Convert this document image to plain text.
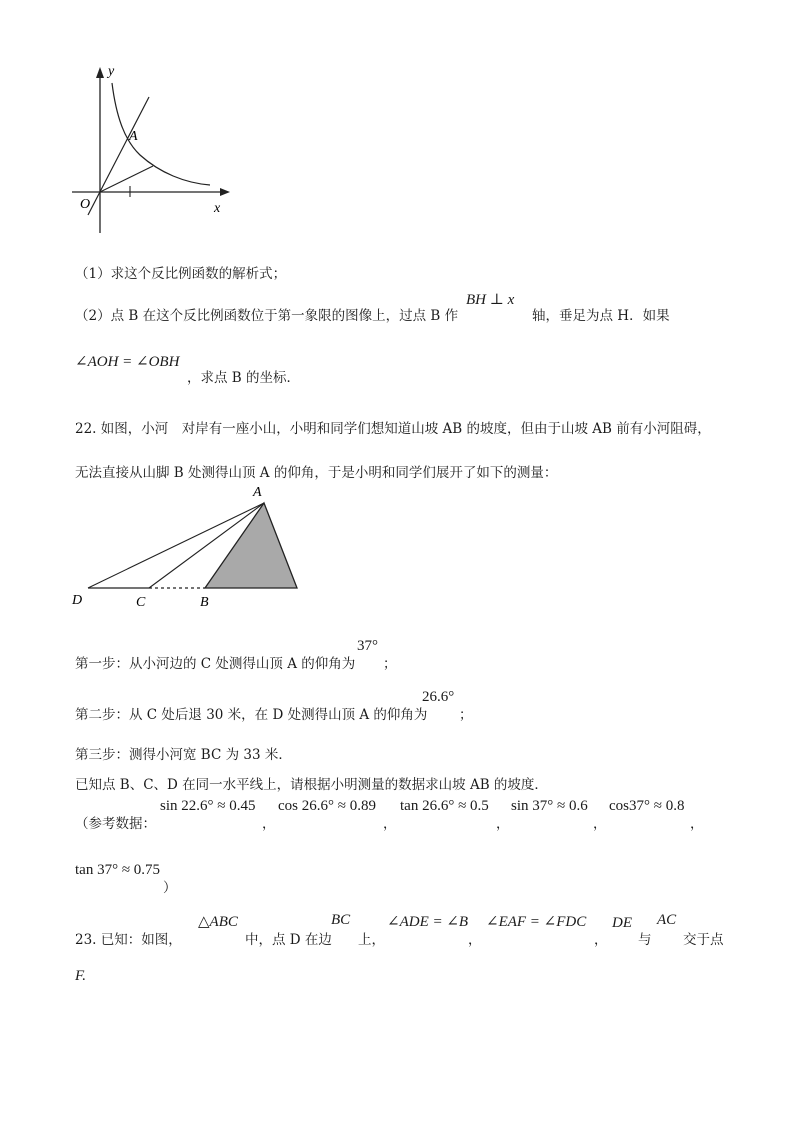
y
x
O
A
（1）求这个反比例函数的解析式；
（2）点 B 在这个反比例函数位于第一象限的图像上，过点 B 作
BH ⊥ x
轴，垂足为点 H．如果
∠AOH = ∠OBH
，求点 B 的坐标．
22. 如图，小河　对岸有一座小山，小明和同学们想知道山坡 AB 的坡度，但由于山坡 AB 前有小河阻碍，
无法直接从山脚 B 处测得山顶 A 的仰角，于是小明和同学们展开了如下的测量：
A
D	C	B
第一步：从小河边的 C 处测得山顶 A 的仰角为
37°
；
第二步：从 C 处后退 30 米，在 D 处测得山顶 A 的仰角为
26.6°
；
第三步：测得小河宽 BC 为 33 米．
已知点 B、C、D 在同一水平线上，请根据小明测量的数据求山坡 AB 的坡度．
（参考数据：
sin 22.6° ≈ 0.45
，
cos 26.6° ≈ 0.89
，
tan 26.6° ≈ 0.5
，
sin 37° ≈ 0.6
，
cos37° ≈ 0.8
，
tan 37° ≈ 0.75
）
23. 已知：如图，
△ABC
中，点 D 在边
BC
上，
∠ADE = ∠B
，
∠EAF = ∠FDC
，
DE
与
AC
交于点
F.
